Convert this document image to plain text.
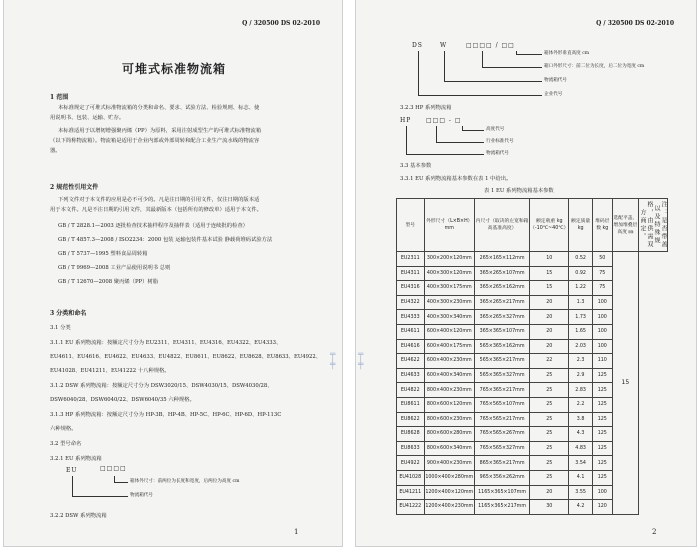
Q / 320500 DS 02-2010
可堆式标准物流箱
1 范围
本标准规定了可堆式标准物流箱的分类和命名、要求、试验方法、检验规则、标志、使
用说明书、包装、运输、贮存。
本标准适用于以增韧增强聚丙烯（PP）为原料，采用注射成型生产的可堆式标准物流箱
（以下简称物流箱）。物流箱是适用于企业内部或外部周转和配合工业生产流水线的物流容
器。
2 规范性引用文件
下列文件对于本文件的应用是必不可少的。凡是注日期的引用文件，仅注日期的版本适
用于本文件。凡是不注日期的引用文件，其最新版本（包括所有的修改单）适用于本文件。
GB / T 2828.1—2003 逐批检查技术抽样程序及抽样表（适用于连续批的检查）
GB / T 4857.3—2008 / ISO2234：2000 包装 运输包装件基本试验 静载荷堆码试验方法
GB / T 5737—1995 塑料食品周转箱
GB / T 9969—2008 工业产品使用说明书 总则
GB / T 12670—2008 聚丙烯（PP）树脂
3 分类和命名
3.1 分类
3.1.1 EU 系列物流箱：按额定尺寸分为 EU2311、EU4311、EU4316、EU4322、EU4333、
EU4611、EU4616、EU4622、EU4633、EU4822、EU8611、EU8622、EU8628、EU8633、EU4922、
EU41028、EU41211、EU41222 十八种规格。
3.1.2 DSW 系列物流箱：按额定尺寸分为 DSW3020/15、DSW4030/15、DSW4030/28、
DSW6040/28、DSW6040/22、DSW6040/35 六种规格。
3.1.3 HP 系列物流箱：按额定尺寸分为 HP-3B、HP-4B、HP-5C、HP-6C、HP-6D、HP-113C
六种规格。
3.2 型号命名
3.2.1 EU 系列物流箱
EU	□□□□
箱体外尺寸：前两位为长度和宽度，后两位为高度 cm
物流箱代号
3.2.2 DSW 系列物流箱
1
╤
╪
Q / 320500 DS 02-2010
DS	W	□□□□ / □□
箱体外形垂直高度 cm
箱口外形尺寸：前二位为长度，后二位为宽度 cm
物流箱代号
企业代号
3.2.3 HP 系列物流箱
HP □□□ - □
高度代号
行业标准代号
物流箱代号
3.3 基本参数
3.3.1 EU 系列物流箱基本参数在表 1 中给出。
表 1 EU 系列物流箱基本参数
型号	外形尺寸（L×B×H）mm	内尺寸（取决的左宽和箱高基准高度）	额定载重 kg（-10℃~40℃）	额定质量 kg	堆码层数 kg	选配平盖、增加堆叠层高度 ㎜	注：是否带盖以及特殊规格，由供需双方商定。

EU2311	300×200×120mm	265×165×112mm	10	0.52	50	15	
EU4311	400×300×120mm	365×265×107mm	15	0.92	75		
EU4316	400×300×175mm	365×265×162mm	15	1.22	75		
EU4322	400×300×230mm	365×265×217mm	20	1.3	100		
EU4333	400×300×340mm	365×265×327mm	20	1.73	100		
EU4611	600×400×120mm	365×365×107mm	20	1.65	100		
EU4616	600×400×175mm	565×365×162mm	20	2.03	100		
EU4622	600×400×230mm	565×365×217mm	22	2.3	110		
EU4633	600×400×340mm	565×365×327mm	25	2.9	125		
EU4822	800×400×230mm	765×365×217mm	25	2.83	125		
EU8611	800×600×120mm	765×565×107mm	25	2.2	125		
EU8622	800×600×230mm	765×565×217mm	25	3.8	125		
EU8628	800×600×280mm	765×565×267mm	25	4.3	125		
EU8633	800×600×340mm	765×565×327mm	25	4.83	125		
EU4922	900×400×230mm	865×365×217mm	25	3.54	125		
EU41028	1000×400×280mm	965×356×262mm	25	4.1	125		
EU41211	1200×400×120mm	1165×365×107mm	20	3.55	100		
EU41222	1200×400×230mm	1165×365×217mm	30	4.2	120		
2
╤
╪
